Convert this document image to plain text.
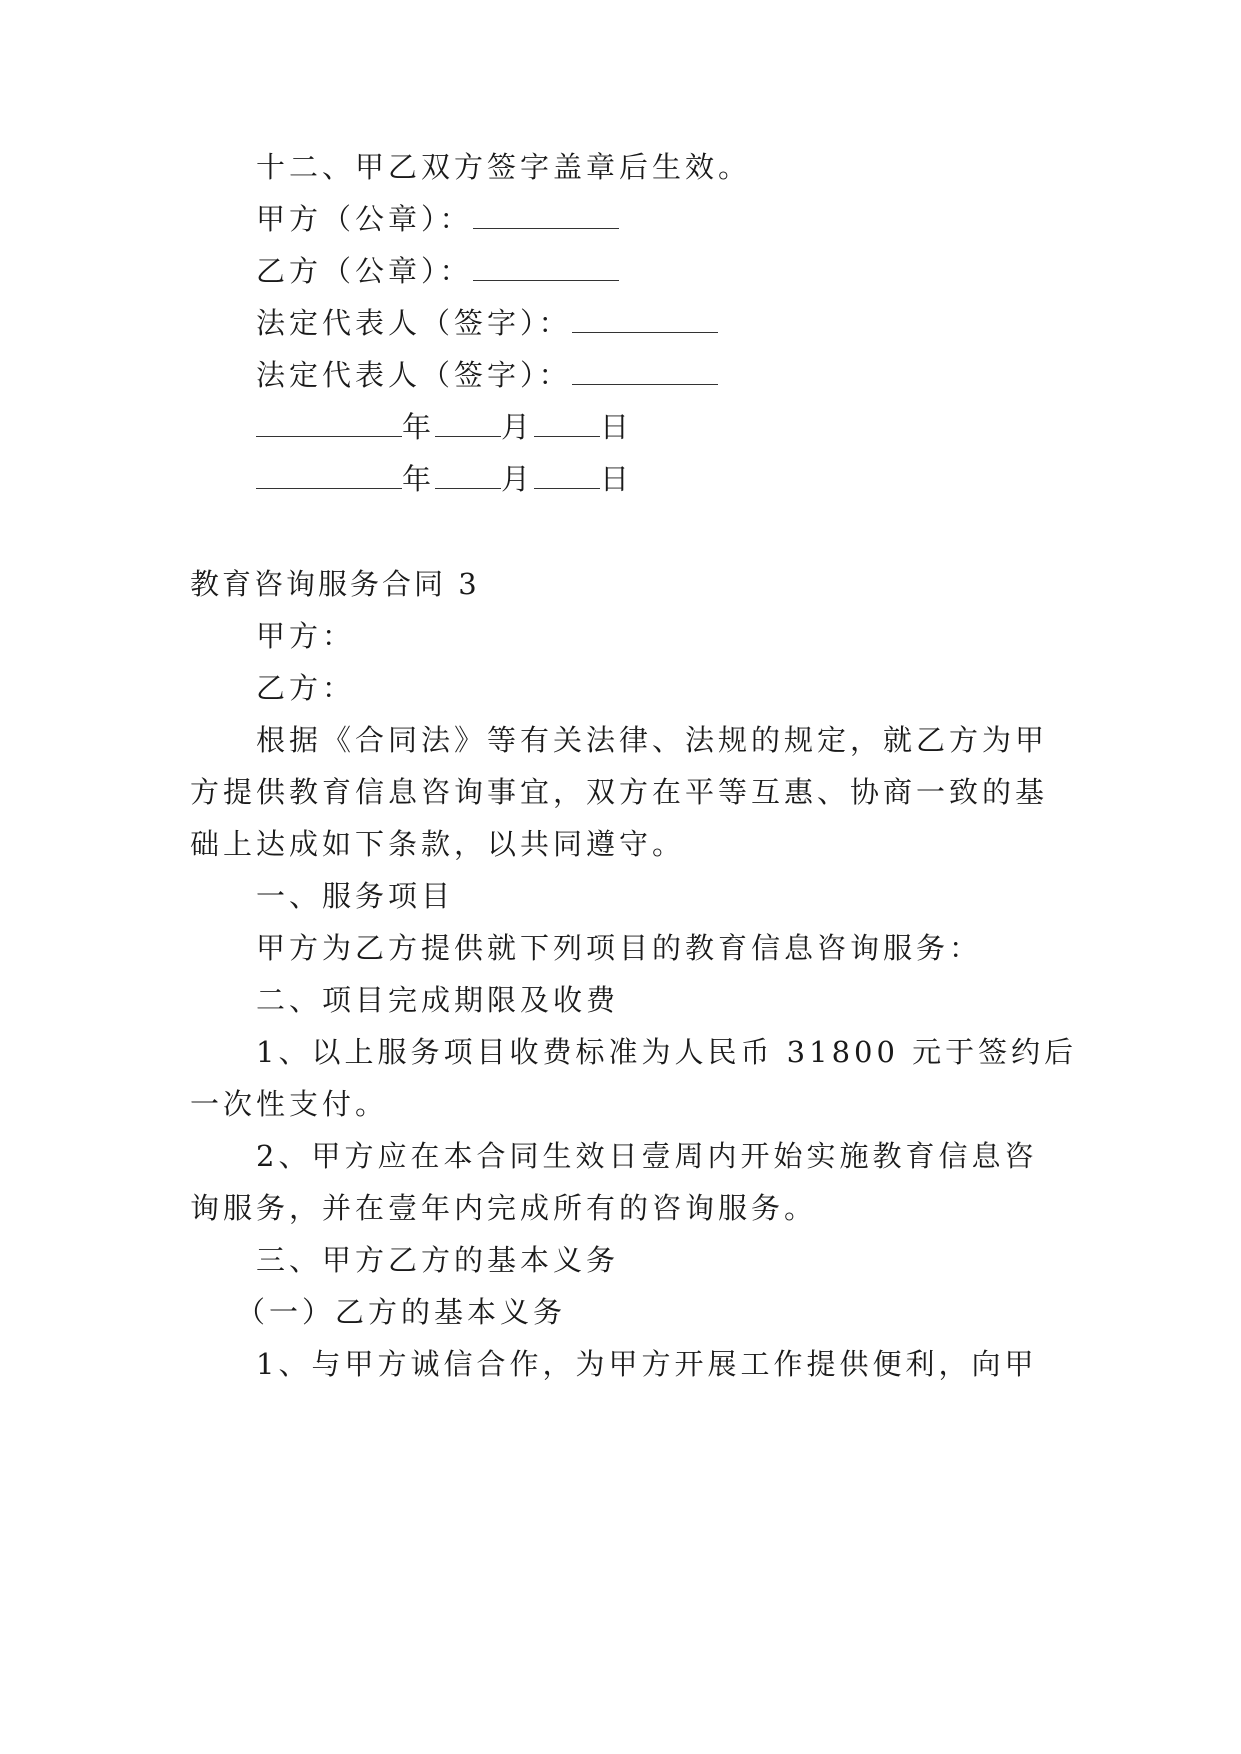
十二、甲乙双方签字盖章后生效。
甲方（公章）：
乙方（公章）：
法定代表人（签字）：
法定代表人（签字）：
年 月 日
年 月 日
教育咨询服务合同 3
甲方：
乙方：
根据《合同法》等有关法律、法规的规定，就乙方为甲
方提供教育信息咨询事宜，双方在平等互惠、协商一致的基
础上达成如下条款，以共同遵守。
一、服务项目
甲方为乙方提供就下列项目的教育信息咨询服务：
二、项目完成期限及收费
1、以上服务项目收费标准为人民币 31800 元于签约后
一次性支付。
2、甲方应在本合同生效日壹周内开始实施教育信息咨
询服务，并在壹年内完成所有的咨询服务。
三、甲方乙方的基本义务
（一）乙方的基本义务
1、与甲方诚信合作，为甲方开展工作提供便利，向甲
